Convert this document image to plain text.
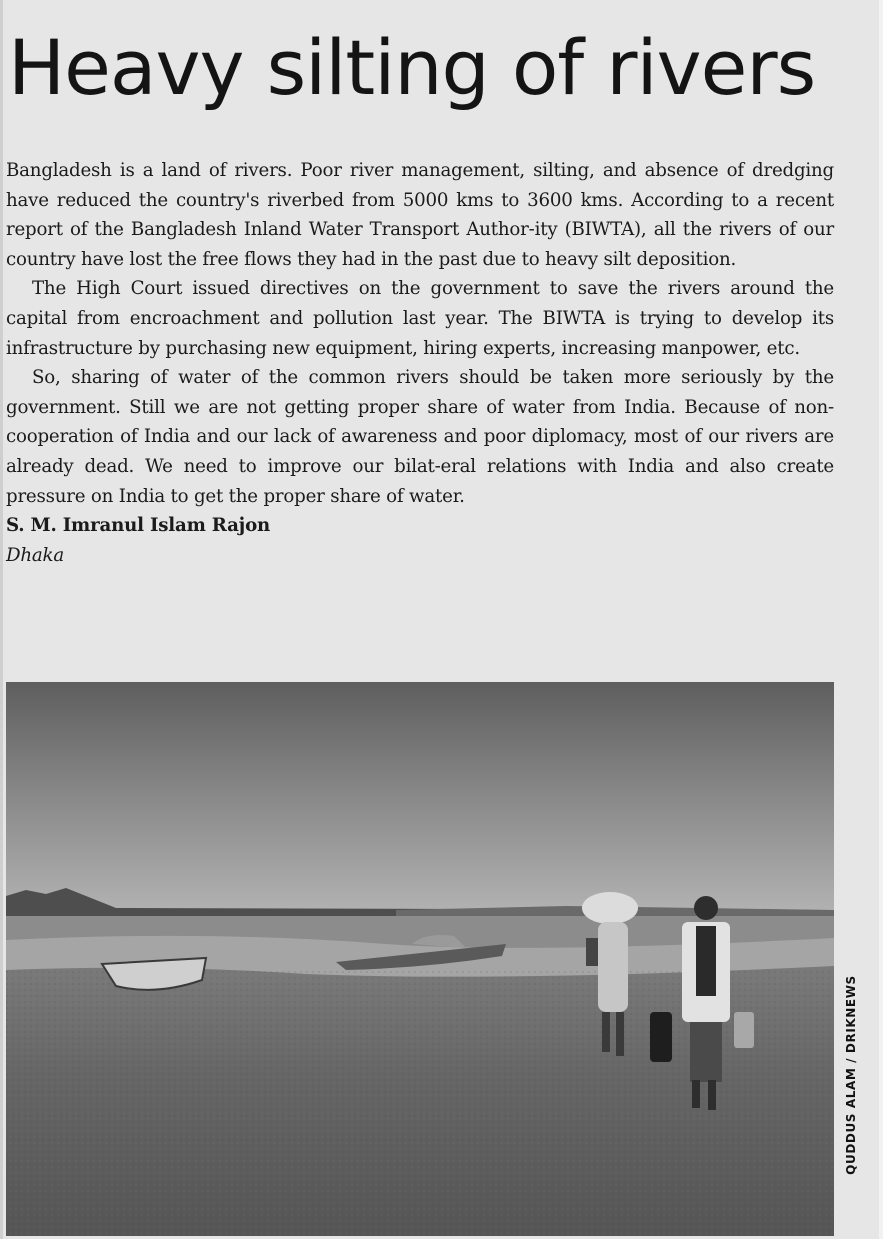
Heavy silting of rivers

Bangladesh is a land of rivers. Poor river management, silting, and absence of dredging have reduced the country's riverbed from 5000 kms to 3600 kms. According to a recent report of the Bangladesh Inland Water Transport Author-ity (BIWTA), all the rivers of our country have lost the free flows they had in the past due to heavy silt deposition.

The High Court issued directives on the government to save the rivers around the capital from encroachment and pollution last year. The BIWTA is trying to develop its infrastructure by purchasing new equipment, hiring experts, increasing manpower, etc.

So, sharing of water of the common rivers should be taken more seriously by the government. Still we are not getting proper share of water from India. Because of non-cooperation of India and our lack of awareness and poor diplomacy, most of our rivers are already dead. We need to improve our bilat-eral relations with India and also create pressure on India to get the proper share of water.

S. M. Imranul Islam Rajon

Dhaka

QUDDUS ALAM / DRIKNEWS
